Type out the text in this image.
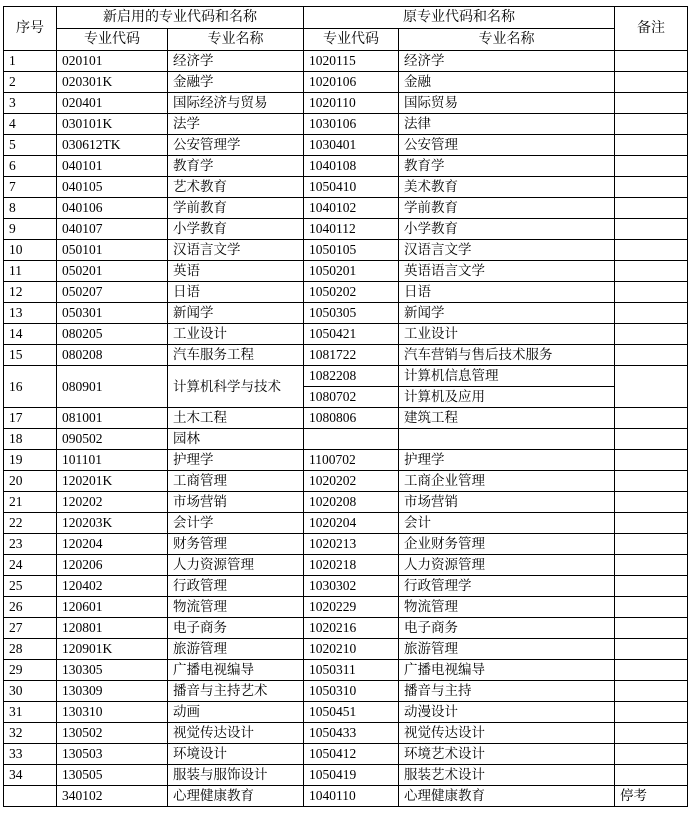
序号	新启用的专业代码和名称		原专业代码和名称		备注
	专业代码	专业名称	专业代码	专业名称	
1	020101	经济学	1020115	经济学	
2	020301K	金融学	1020106	金融	
3	020401	国际经济与贸易	1020110	国际贸易	
4	030101K	法学	1030106	法律	
5	030612TK	公安管理学	1030401	公安管理	
6	040101	教育学	1040108	教育学	
7	040105	艺术教育	1050410	美术教育	
8	040106	学前教育	1040102	学前教育	
9	040107	小学教育	1040112	小学教育	
10	050101	汉语言文学	1050105	汉语言文学	
11	050201	英语	1050201	英语语言文学	
12	050207	日语	1050202	日语	
13	050301	新闻学	1050305	新闻学	
14	080205	工业设计	1050421	工业设计	
15	080208	汽车服务工程	1081722	汽车营销与售后技术服务	
16	080901	计算机科学与技术	1082208	计算机信息管理	
			1080702	计算机及应用	
17	081001	土木工程	1080806	建筑工程	
18	090502	园林			
19	101101	护理学	1100702	护理学	
20	120201K	工商管理	1020202	工商企业管理	
21	120202	市场营销	1020208	市场营销	
22	120203K	会计学	1020204	会计	
23	120204	财务管理	1020213	企业财务管理	
24	120206	人力资源管理	1020218	人力资源管理	
25	120402	行政管理	1030302	行政管理学	
26	120601	物流管理	1020229	物流管理	
27	120801	电子商务	1020216	电子商务	
28	120901K	旅游管理	1020210	旅游管理	
29	130305	广播电视编导	1050311	广播电视编导	
30	130309	播音与主持艺术	1050310	播音与主持	
31	130310	动画	1050451	动漫设计	
32	130502	视觉传达设计	1050433	视觉传达设计	
33	130503	环境设计	1050412	环境艺术设计	
34	130505	服装与服饰设计	1050419	服装艺术设计	
	340102	心理健康教育	1040110	心理健康教育	停考
